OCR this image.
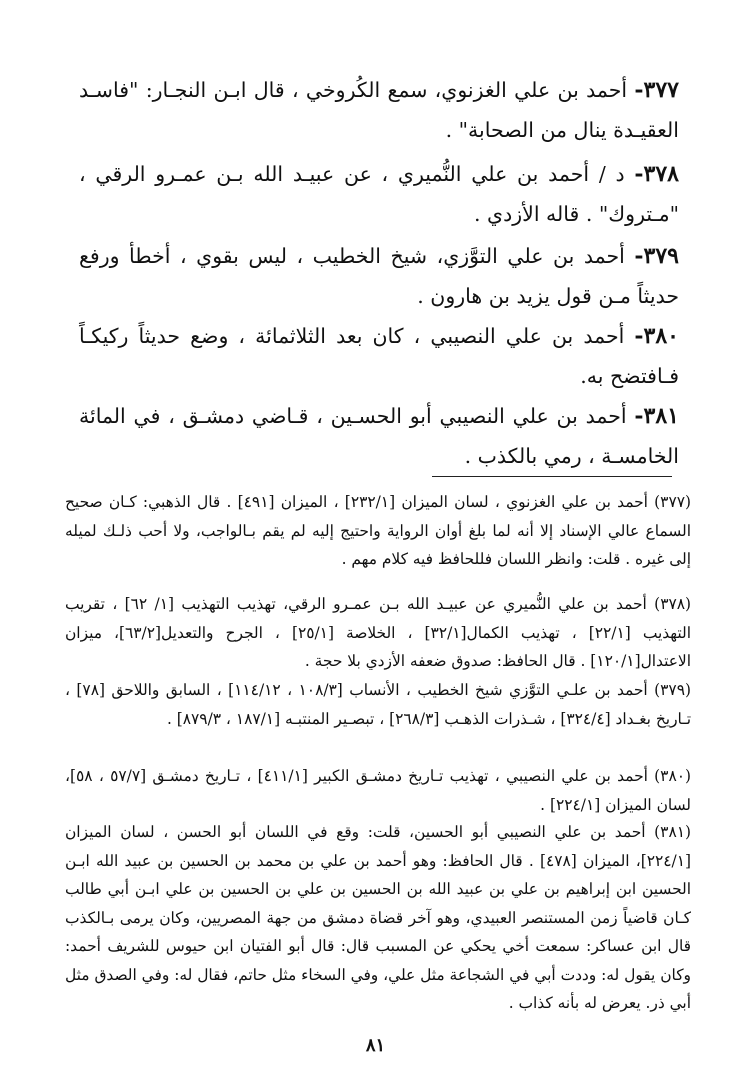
٣٧٧- أحمد بن علي الغزنوي، سمع الكُروخي ، قال ابـن النجـار: "فاسـد العقيـدة ينال من الصحابة" .
٣٧٨- د / أحمد بن علي النُّميري ، عن عبيـد الله بـن عمـرو الرقي ، "مـتروك" . قاله الأزدي .
٣٧٩- أحمد بن علي التوَّزي، شيخ الخطيب ، ليس بقوي ، أخطأ ورفع حديثاً مـن قول يزيد بن هارون .
٣٨٠- أحمد بن علي النصيبي ، كان بعد الثلاثمائة ، وضع حديثاً ركيكـاً فـافتضح به.
٣٨١- أحمد بن علي النصيبي أبو الحسـين ، قـاضي دمشـق ، في المائة الخامسـة ، رمي بالكذب .
(٣٧٧) أحمد بن علي الغزنوي ، لسان الميزان [٢٣٢/١] ، الميزان [٤٩١] . قال الذهبي: كـان صحيح السماع عالي الإسناد إلا أنه لما بلغ أوان الرواية واحتيج إليه لم يقم بـالواجب، ولا أحب ذلـك لميله إلى غيره . قلت: وانظر اللسان فللحافظ فيه كلام مهم .
(٣٧٨) أحمد بن علي النُّميري عن عبيـد الله بـن عمـرو الرقي، تهذيب التهذيب [١/ ٦٢] ، تقريب التهذيب [٢٢/١] ، تهذيب الكمال[٣٢/١] ، الخلاصة [٢٥/١] ، الجرح والتعديل[٦٣/٢]، ميزان الاعتدال[١٢٠/١] . قال الحافظ: صدوق ضعفه الأزدي بلا حجة .
(٣٧٩) أحمد بن علـي التوَّزي شيخ الخطيب ، الأنساب [١٠٨/٣ ، ١١٤/١٢] ، السابق واللاحق [٧٨] ، تـاريخ بغـداد [٣٢٤/٤] ، شـذرات الذهـب [٢٦٨/٣] ، تبصـير المنتبـه [١٨٧/١ ، ٨٧٩/٣] .
(٣٨٠) أحمد بن علي النصيبي ، تهذيب تـاريخ دمشـق الكبير [٤١١/١] ، تـاريخ دمشـق [٥٧/٧ ، ٥٨]، لسان الميزان [٢٢٤/١] .
(٣٨١) أحمد بن علي النصيبي أبو الحسين، قلت: وقع في اللسان أبو الحسن ، لسان الميزان [٢٢٤/١]، الميزان [٤٧٨] . قال الحافظ: وهو أحمد بن علي بن محمد بن الحسين بن عبيد الله ابـن الحسين ابن إبراهيم بن علي بن عبيد الله بن الحسين بن علي بن الحسين بن علي ابـن أبي طالب كـان قاضياً زمن المستنصر العبيدي، وهو آخر قضاة دمشق من جهة المصريين، وكان يرمى بـالكذب قال ابن عساكر: سمعت أخي يحكي عن المسبب قال: قال أبو الفتيان ابن حيوس للشريف أحمد: وكان يقول له: وددت أبي في الشجاعة مثل علي، وفي السخاء مثل حاتم، فقال له: وفي الصدق مثل أبي ذر. يعرض له بأنه كذاب .
٨١
